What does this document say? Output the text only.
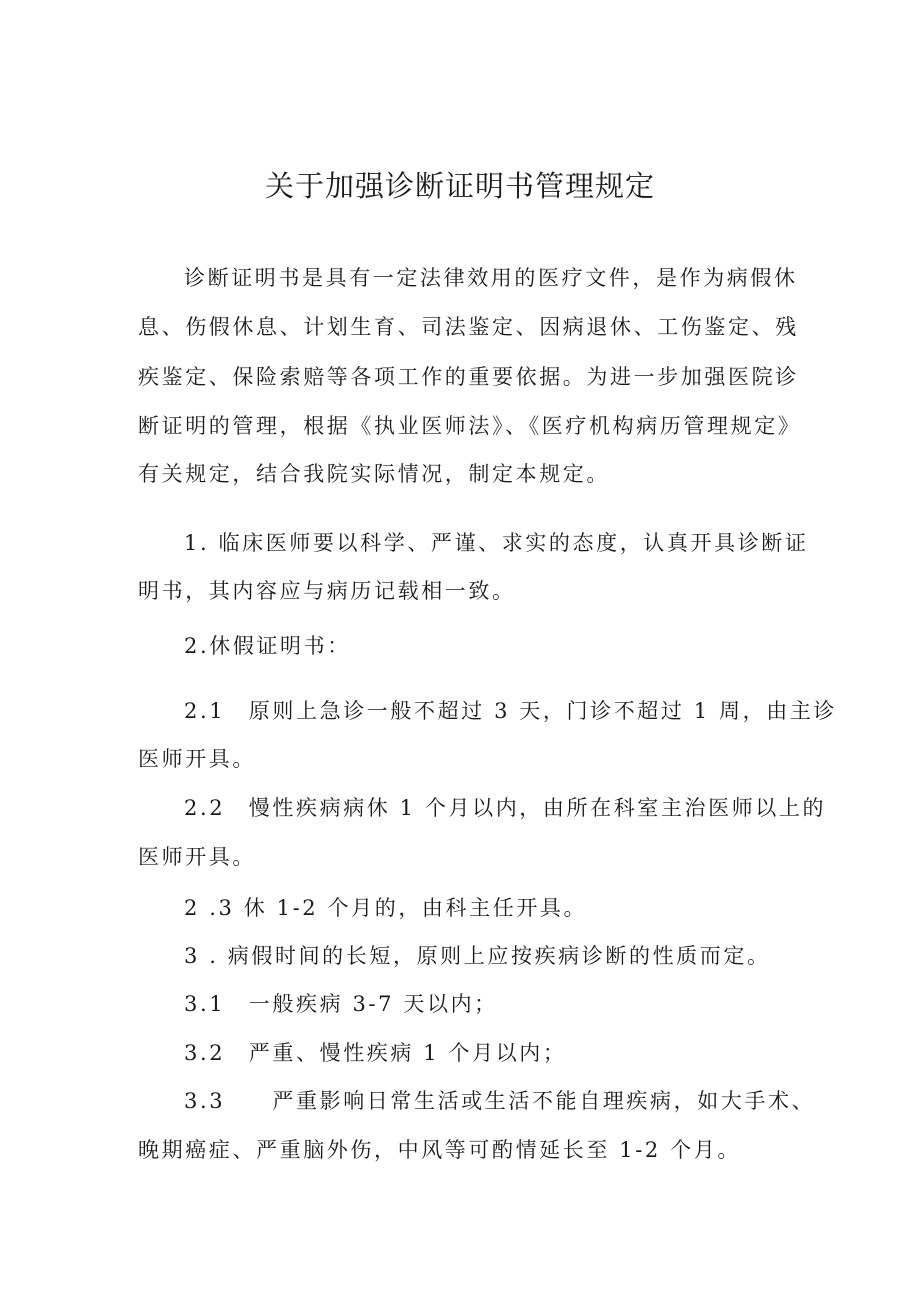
关于加强诊断证明书管理规定
诊断证明书是具有一定法律效用的医疗文件，是作为病假休
息、伤假休息、计划生育、司法鉴定、因病退休、工伤鉴定、残
疾鉴定、保险索赔等各项工作的重要依据。为进一步加强医院诊
断证明的管理，根据《执业医师法》、《医疗机构病历管理规定》
有关规定，结合我院实际情况，制定本规定。
1. 临床医师要以科学、严谨、求实的态度，认真开具诊断证
明书，其内容应与病历记载相一致。
2.休假证明书：
2.1　原则上急诊一般不超过 3 天，门诊不超过 1 周，由主诊
医师开具。
2.2　慢性疾病病休 1 个月以内，由所在科室主治医师以上的
医师开具。
2 .3 休 1-2 个月的，由科主任开具。
3 . 病假时间的长短，原则上应按疾病诊断的性质而定。
3.1　一般疾病 3-7 天以内；
3.2　严重、慢性疾病 1 个月以内；
3.3　　严重影响日常生活或生活不能自理疾病，如大手术、
晚期癌症、严重脑外伤，中风等可酌情延长至 1-2 个月。
